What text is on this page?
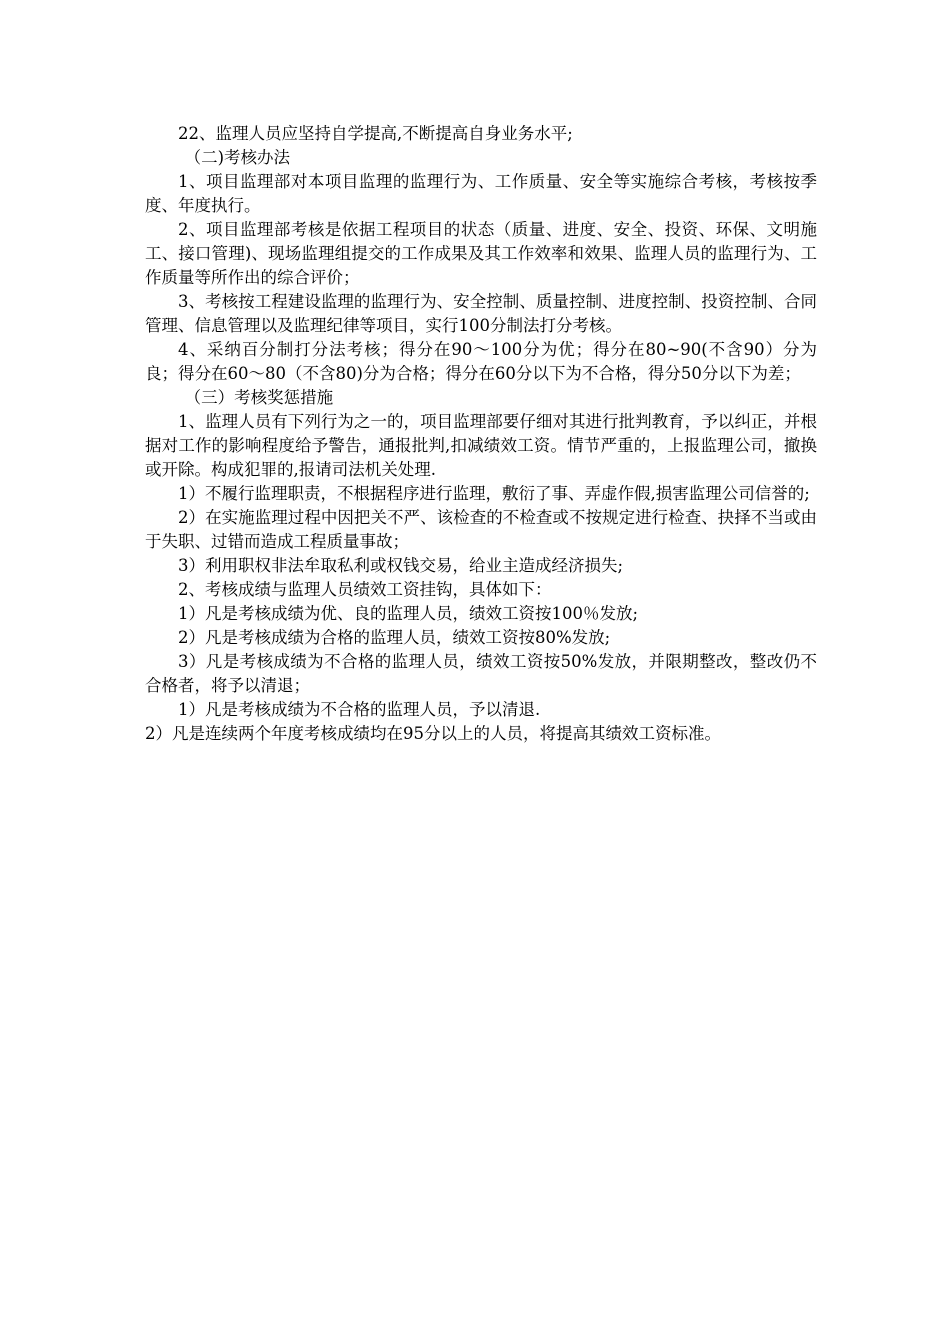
22、监理人员应坚持自学提高,不断提高自身业务水平;

（二)考核办法

1、项目监理部对本项目监理的监理行为、工作质量、安全等实施综合考核，考核按季度、年度执行。

2、项目监理部考核是依据工程项目的状态（质量、进度、安全、投资、环保、文明施工、接口管理)、现场监理组提交的工作成果及其工作效率和效果、监理人员的监理行为、工作质量等所作出的综合评价；

3、考核按工程建设监理的监理行为、安全控制、质量控制、进度控制、投资控制、合同管理、信息管理以及监理纪律等项目，实行100分制法打分考核。

4、采纳百分制打分法考核；得分在90～100分为优；得分在80~90(不含90）分为良；得分在60～80（不含80)分为合格；得分在60分以下为不合格，得分50分以下为差；

（三）考核奖惩措施

1、监理人员有下列行为之一的，项目监理部要仔细对其进行批判教育，予以纠正，并根据对工作的影响程度给予警告，通报批判,扣减绩效工资。情节严重的，上报监理公司，撤换或开除。构成犯罪的,报请司法机关处理.

1）不履行监理职责，不根据程序进行监理，敷衍了事、弄虚作假,损害监理公司信誉的;

2）在实施监理过程中因把关不严、该检查的不检查或不按规定进行检查、抉择不当或由于失职、过错而造成工程质量事故；

3）利用职权非法牟取私利或权钱交易，给业主造成经济损失;

2、考核成绩与监理人员绩效工资挂钩，具体如下：

1）凡是考核成绩为优、良的监理人员，绩效工资按100％发放;

2）凡是考核成绩为合格的监理人员，绩效工资按80%发放;

3）凡是考核成绩为不合格的监理人员，绩效工资按50%发放，并限期整改，整改仍不合格者，将予以清退；

1）凡是考核成绩为不合格的监理人员，予以清退.

2）凡是连续两个年度考核成绩均在95分以上的人员，将提高其绩效工资标准。
